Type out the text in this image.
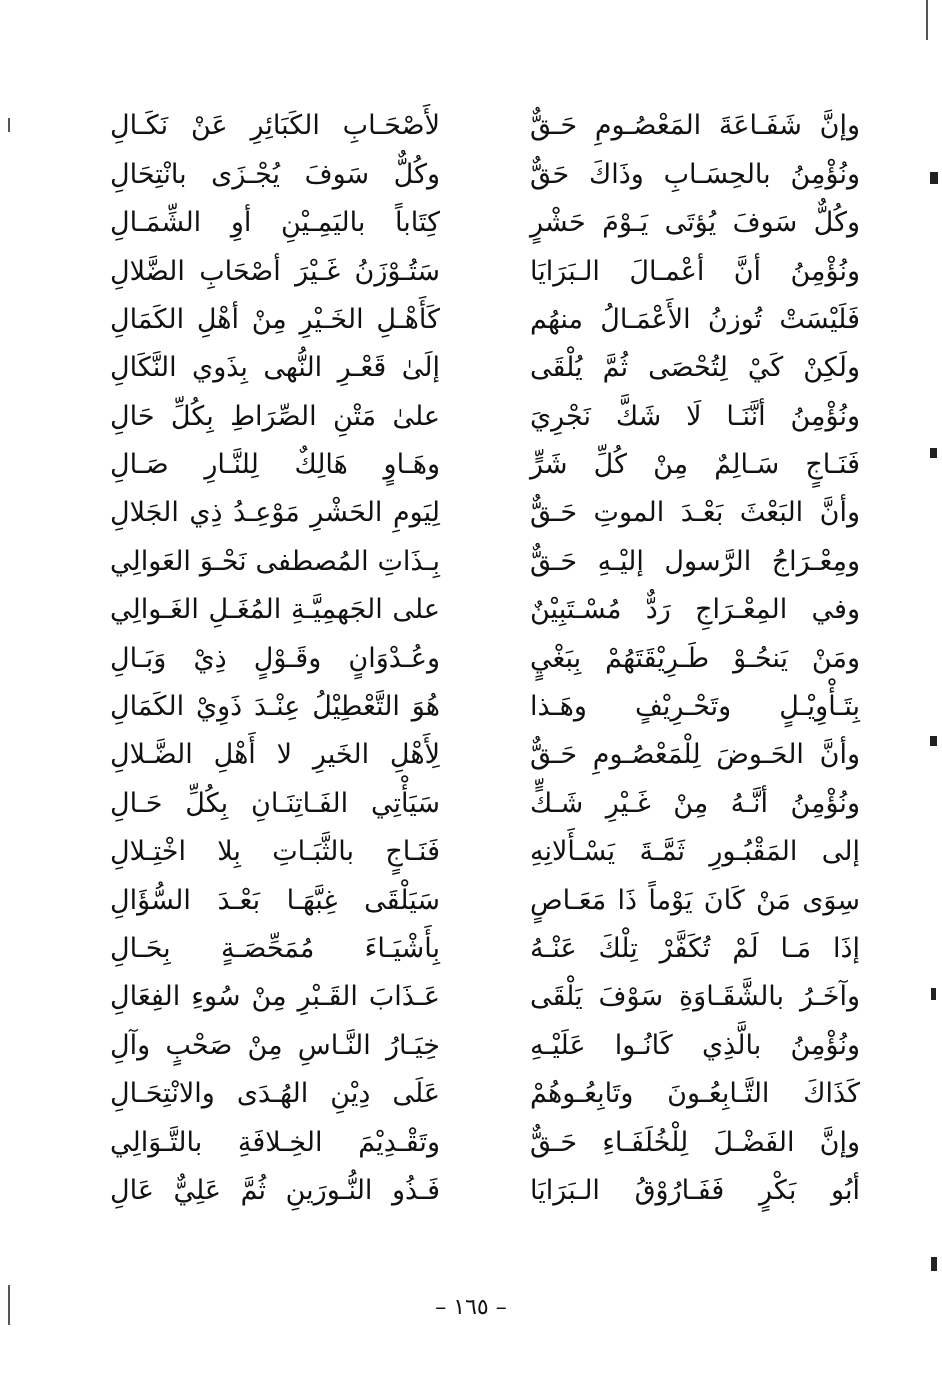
وإنَّ شَفَـاعَةَ المَعْصُـومِ حَـقٌّ
لأَصْحَـابِ الكَبَائِرِ عَنْ نَكَـالِ
ونُؤْمِنُ بالحِسَـابِ وذَاكَ حَقٌّ
وكُلٌّ سَوفَ يُجْـزَى بانْتِحَالِ
وكُلٌّ سَوفَ يُؤتَى يَـوْمَ حَشْرٍ
كِتَاباً باليَمِـيْنِ أوِ الشِّمَـالِ
ونُؤْمِنُ أنَّ أعْمـالَ الـبَرَايَا
سَتُـوْزَنُ غَـيْرَ أصْحَابِ الضَّلالِ
فَلَيْسَتْ تُوزنُ الأَعْمَـالُ منهُم
كَأَهْـلِ الخَـيْرِ مِنْ أهْلِ الكَمَالِ
ولَكِنْ كَيْ لِتُحْصَى ثُمَّ يُلْقَى
إلَىٰ قَعْـرِ النُّهى بِذَوي النَّكَالِ
ونُؤْمِنُ أنَّنَـا لَا شَكَّ نَجْرِيَ
علىٰ مَتْنِ الصِّرَاطِ بِكُلِّ حَالِ
فَنَـاجٍ سَـالِمٌ مِنْ كُلِّ شَرٍّ
وهَـاوٍ هَالِكٌ لِلنَّـارِ صَـالِ
وأنَّ البَعْثَ بَعْـدَ الموتِ حَـقٌّ
لِيَومِ الحَشْرِ مَوْعِـدُ ذِي الجَلالِ
ومِعْـرَاجُ الرَّسول إليْـهِ حَـقٌّ
بِـذَاتِ المُصطفى نَحْـوَ العَوالِي
وفي المِعْـرَاجِ رَدٌّ مُسْـتَبِيْنٌ
على الجَهمِيَّـةِ المُغَـلِ الغَـوالِي
ومَنْ يَنحُـوْ طَـرِيْقَتَهُمْ بِبَغْيٍ
وعُـدْوَانٍ وقَـوْلٍ ذِيْ وَبَـالِ
بِتَـأْوِيْـلٍ وتَحْـرِيْفٍ وهَـذا
هُوَ التَّعْطِيْلُ عِنْـدَ ذَوِيْ الكَمَالِ
وأنَّ الحَـوضَ لِلْمَعْصُـومِ حَـقٌّ
لِأَهْلِ الخَيرِ لا أَهْلِ الضَّـلالِ
ونُؤْمِنُ أنَّـهُ مِنْ غَـيْرِ شَـكٍّ
سَيَأْتِي الفَـاتِنَـانِ بِكُلِّ حَـالِ
إلى المَقْبُـورِ ثَمَّـةَ يَسْـأَلانِهِ
فَنَـاجٍ بالثَّبَـاتِ بِلا اخْتِـلالِ
سِوَى مَنْ كَانَ يَوْماً ذَا مَعَـاصٍ
سَيَلْقَى غِبَّهَـا بَعْـدَ السُّؤَالِ
إذَا مَـا لَمْ تُكَفَّرْ تِلْكَ عَنْـهُ
بِأَشْيَـاءَ مُمَحِّصَـةٍ بِحَـالِ
وآخَـرُ بالشَّقَـاوَةِ سَوْفَ يَلْقَى
عَـذَابَ القَـبْرِ مِنْ سُوءِ الفِعَالِ
ونُؤْمِنُ بالَّذِي كَانُـوا عَلَيْـهِ
خِيَـارُ النَّـاسِ مِنْ صَحْبٍ وآلِ
كَذَاكَ التَّـابِعُـونَ وتَابِعُـوهُمْ
عَلَى دِيْنِ الهُـدَى والانْتِحَـالِ
وإنَّ الفَضْـلَ لِلْخُلَفَـاءِ حَـقٌّ
وتَقْـدِيْمَ الخِـلافَةِ بالتَّـوَالِي
أبُو بَكْرٍ فَفَـارُوْقُ الـبَرَايَا
فَـذُو النُّـورَينِ ثُمَّ عَلِيٌّ عَالِ
– ١٦٥ –
